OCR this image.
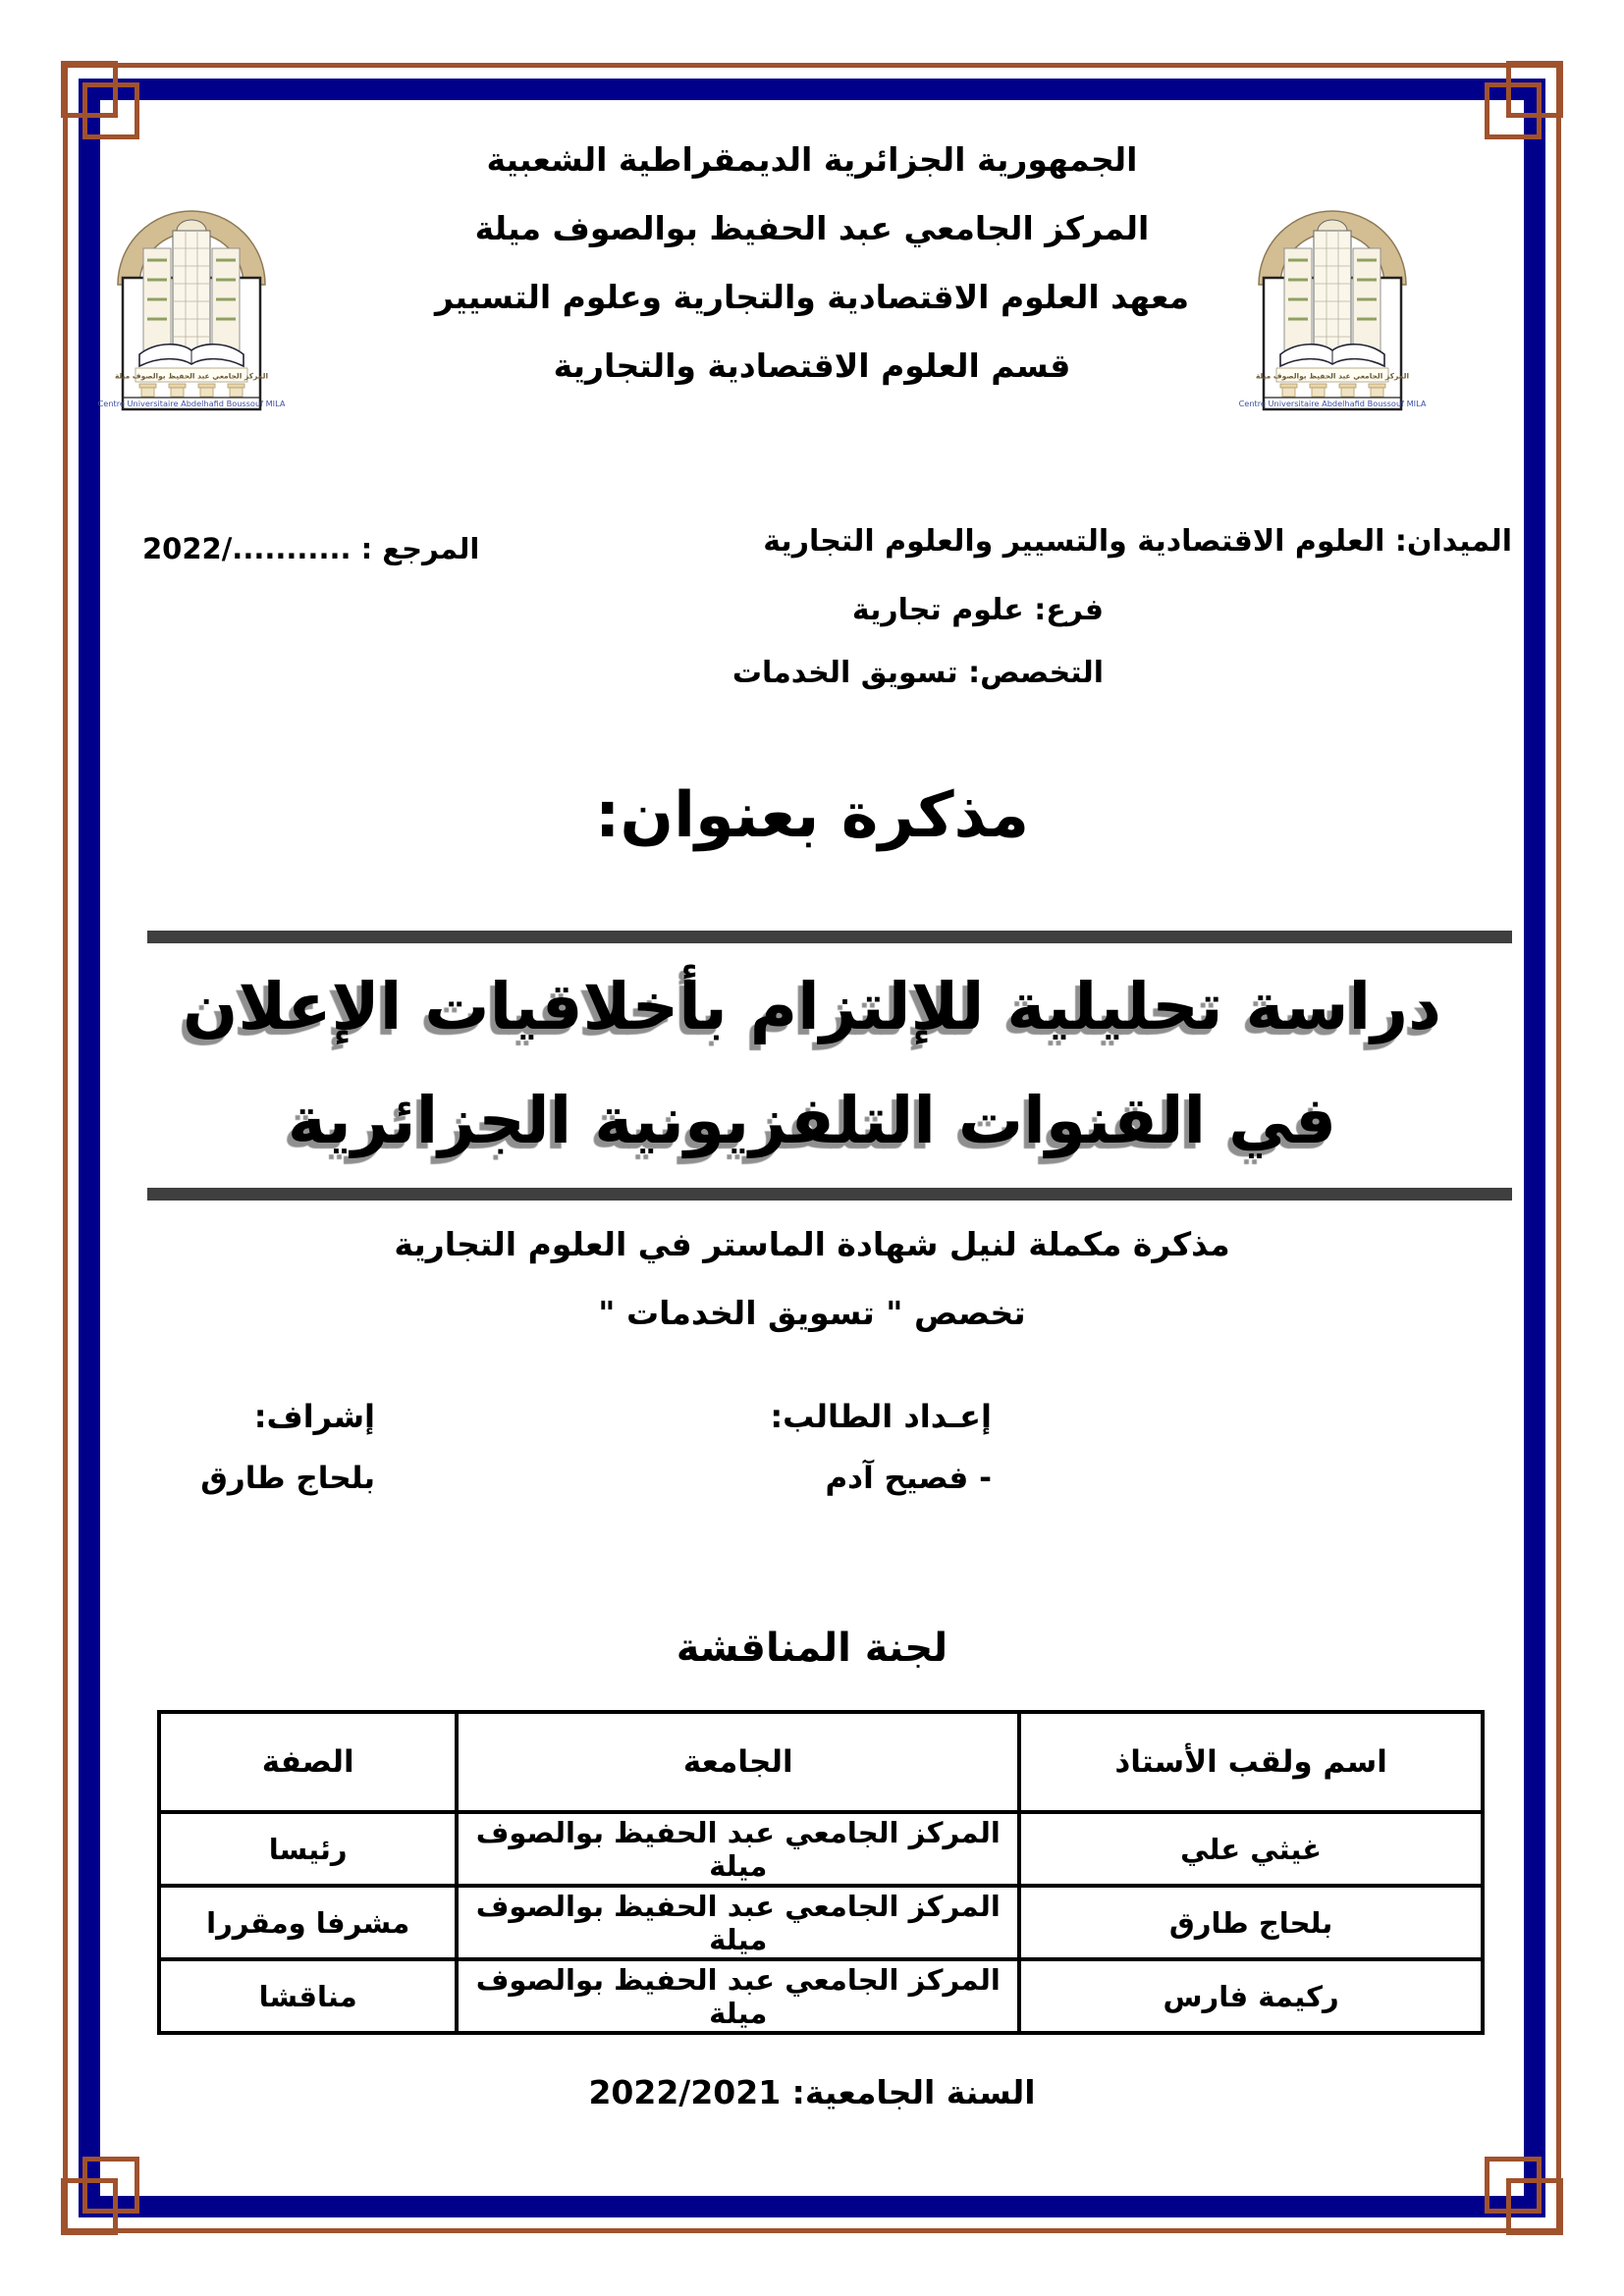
المركز الجامعي عبد الحفيظ بوالصوف ميلة
Centre Universitaire Abdelhafid Boussouf MILA
المركز الجامعي عبد الحفيظ بوالصوف ميلة
Centre Universitaire Abdelhafid Boussouf MILA
الجمهورية الجزائرية الديمقراطية الشعبية
المركز الجامعي عبد الحفيظ بوالصوف ميلة
معهد العلوم الاقتصادية والتجارية وعلوم التسيير
قسم العلوم الاقتصادية والتجارية
الميدان: العلوم الاقتصادية والتسيير والعلوم التجارية
فرع: علوم تجارية
التخصص: تسويق الخدمات
المرجع : .........../2022
مذكرة بعنوان:
دراسة تحليلية للإلتزام بأخلاقيات الإعلان
في القنوات التلفزيونية الجزائرية
مذكرة مكملة لنيل شهادة الماستر في العلوم التجارية
تخصص " تسويق الخدمات "
إعـداد الطالب:
- فصيح آدم
إشراف:
بلحاج طارق
لجنة المناقشة
اسم ولقب الأستاذ	الجامعة	الصفة
غيثي علي	المركز الجامعي عبد الحفيظ بوالصوف ميلة	رئيسا
بلحاج طارق	المركز الجامعي عبد الحفيظ بوالصوف ميلة	مشرفا ومقررا
ركيمة فارس	المركز الجامعي عبد الحفيظ بوالصوف ميلة	مناقشا
السنة الجامعية: 2022/2021
